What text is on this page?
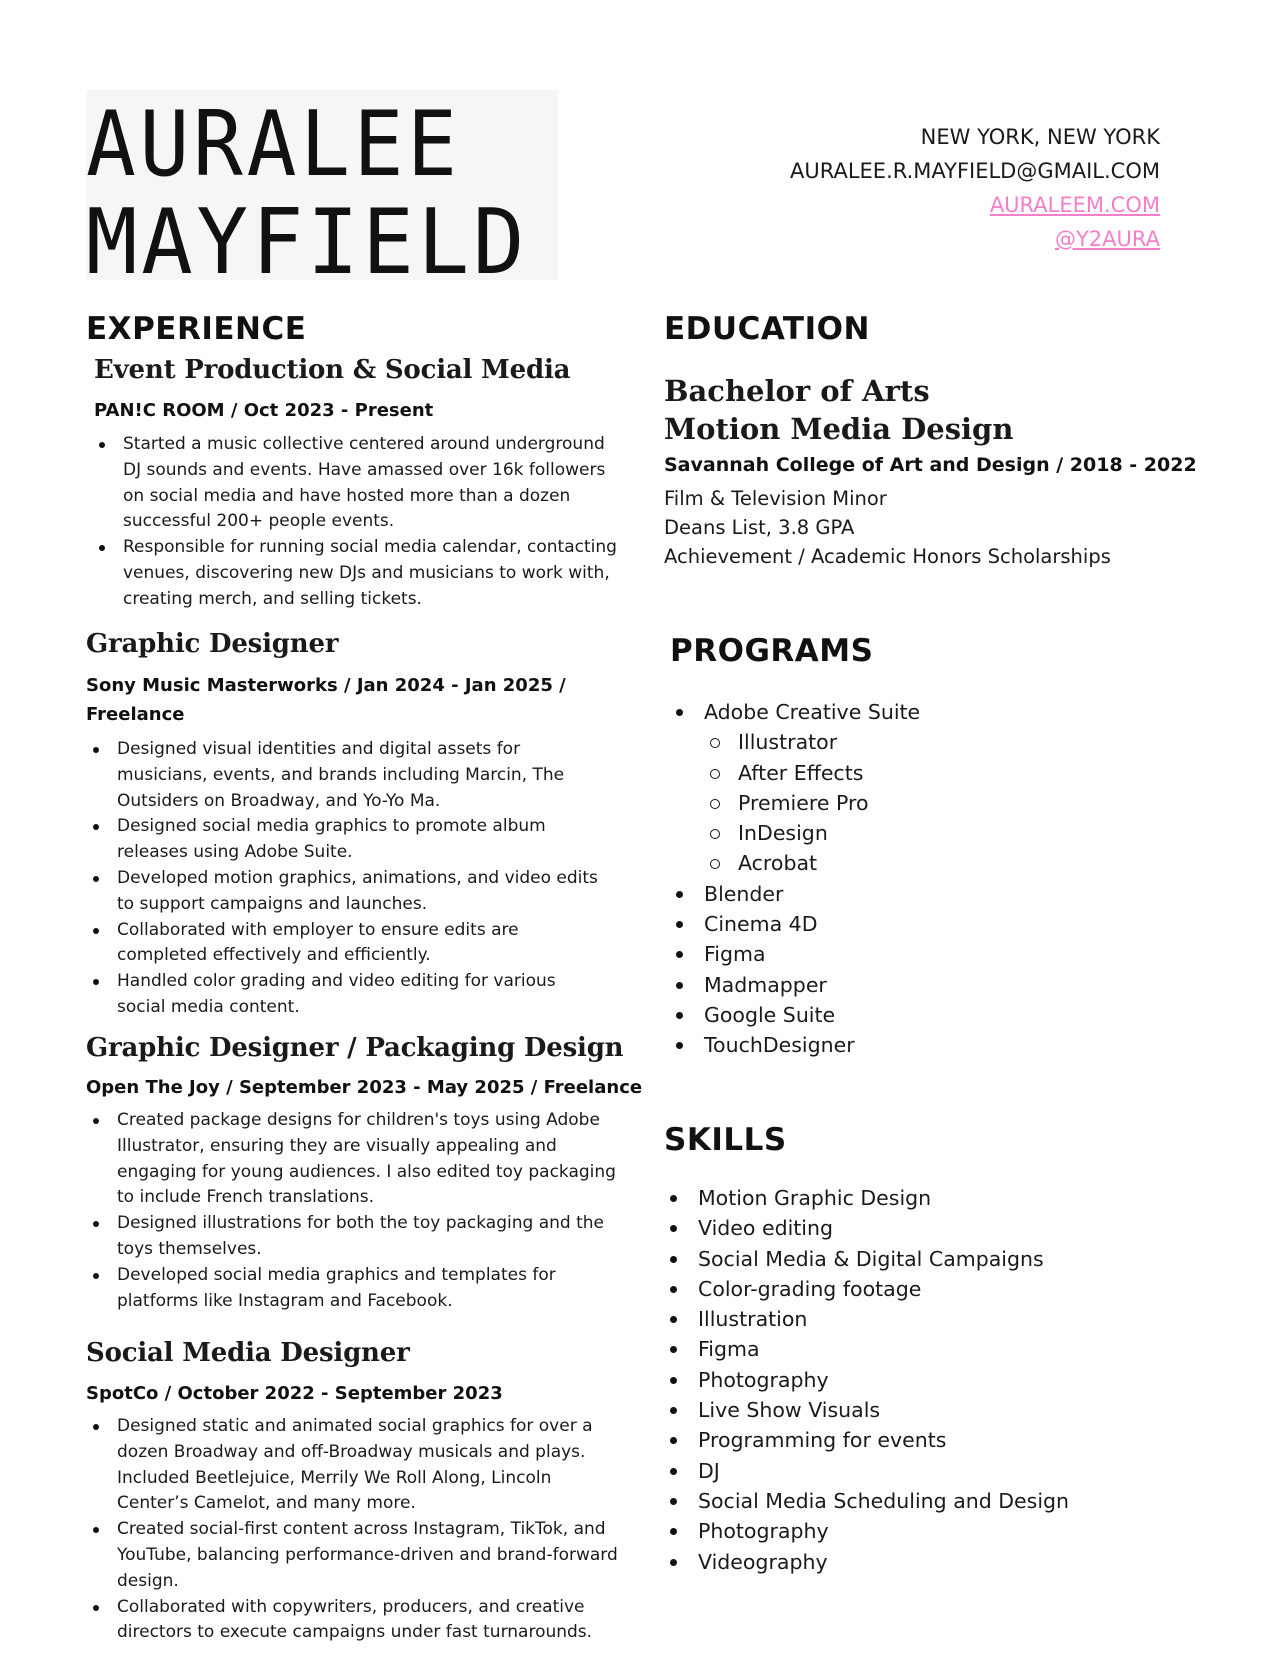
AURALEE
MAYFIELD
NEW YORK, NEW YORK
AURALEE.R.MAYFIELD@GMAIL.COM
AURALEEM.COM
@Y2AURA
EXPERIENCE
Event Production & Social Media
PAN!C ROOM / Oct 2023 - Present
Started a music collective centered around underground DJ sounds and events. Have amassed over 16k followers on social media and have hosted more than a dozen successful 200+ people events.
Responsible for running social media calendar, contacting venues, discovering new DJs and musicians to work with, creating merch, and selling tickets.
Graphic Designer
Sony Music Masterworks / Jan 2024 - Jan 2025 /
Freelance
Designed visual identities and digital assets for musicians, events, and brands including Marcin, The Outsiders on Broadway, and Yo-Yo Ma.
Designed social media graphics to promote album releases using Adobe Suite.
Developed motion graphics, animations, and video edits to support campaigns and launches.
Collaborated with employer to ensure edits are completed effectively and efficiently.
Handled color grading and video editing for various social media content.
Graphic Designer / Packaging Design
Open The Joy / September 2023 - May 2025 / Freelance
Created package designs for children's toys using Adobe Illustrator, ensuring they are visually appealing and engaging for young audiences. I also edited toy packaging to include French translations.
Designed illustrations for both the toy packaging and the toys themselves.
Developed social media graphics and templates for platforms like Instagram and Facebook.
Social Media Designer
SpotCo / October 2022 - September 2023
Designed static and animated social graphics for over a dozen Broadway and off-Broadway musicals and plays. Included Beetlejuice, Merrily We Roll Along, Lincoln Center’s Camelot, and many more.
Created social-first content across Instagram, TikTok, and YouTube, balancing performance-driven and brand-forward design.
Collaborated with copywriters, producers, and creative directors to execute campaigns under fast turnarounds.
EDUCATION
Bachelor of Arts
Motion Media Design
Savannah College of Art and Design / 2018 - 2022
Film & Television Minor
Deans List, 3.8 GPA
Achievement / Academic Honors Scholarships
PROGRAMS
Adobe Creative Suite
Illustrator
After Effects
Premiere Pro
InDesign
Acrobat
Blender
Cinema 4D
Figma
Madmapper
Google Suite
TouchDesigner
SKILLS
Motion Graphic Design
Video editing
Social Media & Digital Campaigns
Color-grading footage
Illustration
Figma
Photography
Live Show Visuals
Programming for events
DJ
Social Media Scheduling and Design
Photography
Videography
